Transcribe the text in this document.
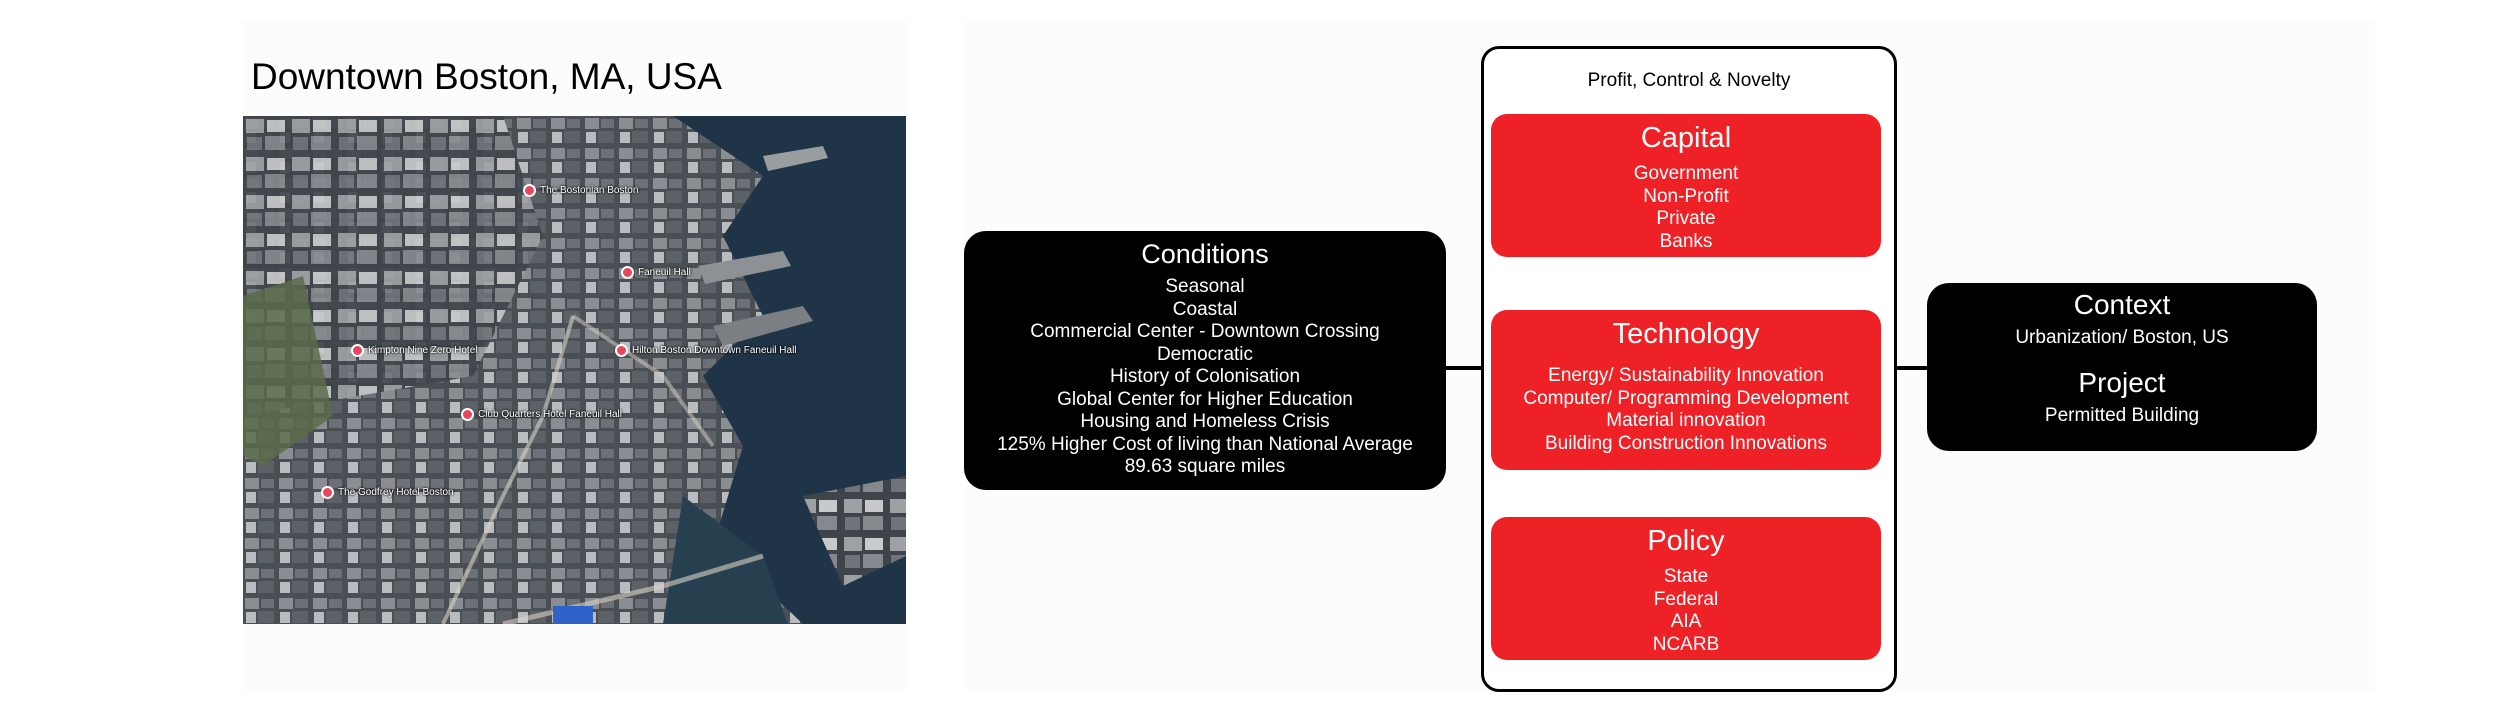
Downtown Boston, MA, USA
The Bostonian Boston
Faneuil Hall
Kimpton Nine Zero Hotel	Hilton Boston Downtown Faneuil Hall
Club Quarters Hotel Faneuil Hall
The Godfrey Hotel Boston
Conditions
Seasonal
Coastal
Commercial Center - Downtown Crossing
Democratic
History of Colonisation
Global Center for Higher Education
Housing and Homeless Crisis
125% Higher Cost of living than National Average
89.63 square miles
Profit, Control & Novelty
Capital
Government
Non-Profit
Private
Banks
Technology
Energy/ Sustainability Innovation
Computer/ Programming Development
Material innovation
Building Construction Innovations
Policy
State
Federal
AIA
NCARB
Context
Urbanization/ Boston, US
Project
Permitted Building
